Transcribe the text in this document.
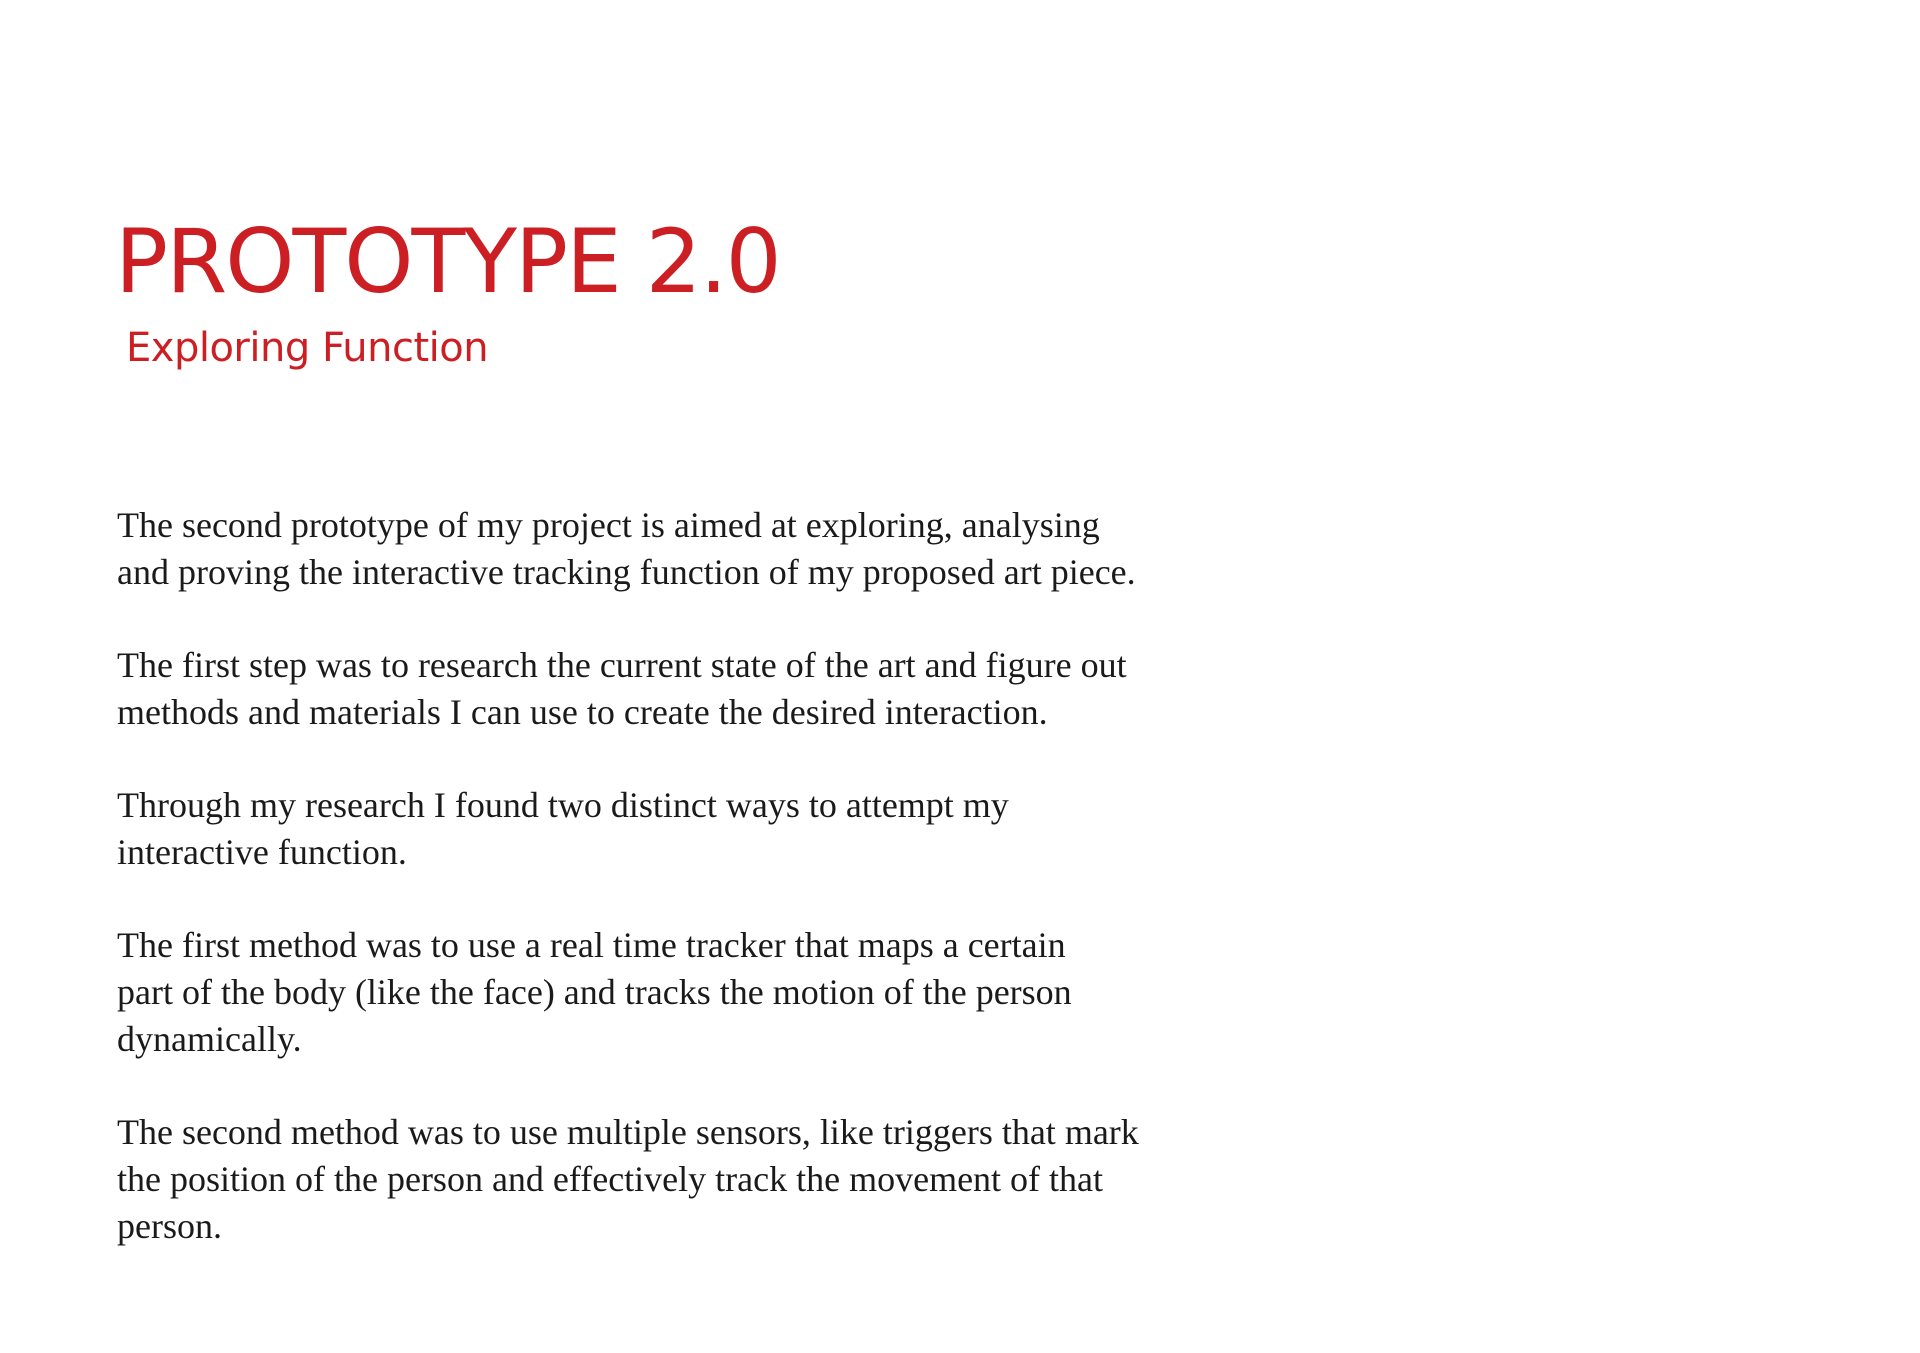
PROTOTYPE 2.0
Exploring Function

The second prototype of my project is aimed at exploring, analysing
and proving the interactive tracking function of my proposed art piece.

The first step was to research the current state of the art and figure out
methods and materials I can use to create the desired interaction.

Through my research I found two distinct ways to attempt my
interactive function.

The first method was to use a real time tracker that maps a certain
part of the body (like the face) and tracks the motion of the person
dynamically.

The second method was to use multiple sensors, like triggers that mark
the position of the person and effectively track the movement of that
person.
